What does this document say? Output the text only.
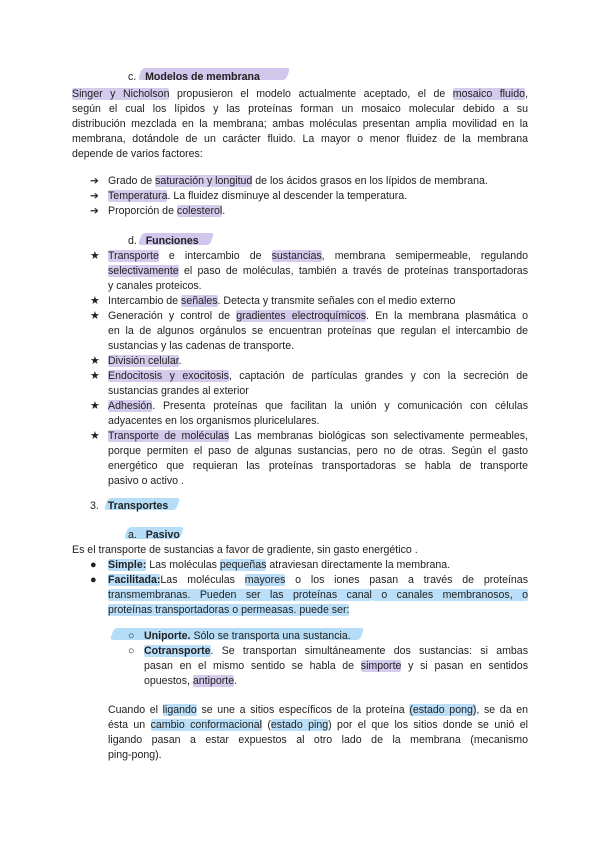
c. Modelos de membrana
Singer y Nicholson propusieron el modelo actualmente aceptado, el de mosaico fluido,
según el cual los lípidos y las proteínas forman un mosaico molecular debido a su
distribución mezclada en la membrana; ambas moléculas presentan amplia movilidad en la
membrana, dotándole de un carácter fluido. La mayor o menor fluidez de la membrana
depende de varios factores:
➔ Grado de saturación y longitud de los ácidos grasos en los lípidos de membrana.
➔ Temperatura. La fluidez disminuye al descender la temperatura.
➔ Proporción de colesterol.
d. Funciones
★ Transporte e intercambio de sustancias, membrana semipermeable, regulando
selectivamente el paso de moléculas, también a través de proteínas transportadoras
y canales proteicos.
★ Intercambio de señales. Detecta y transmite señales con el medio externo
★ Generación y control de gradientes electroquímicos. En la membrana plasmática o
en la de algunos orgánulos se encuentran proteínas que regulan el intercambio de
sustancias y las cadenas de transporte.
★ División celular.
★ Endocitosis y exocitosis, captación de partículas grandes y con la secreción de
sustancias grandes al exterior
★ Adhesión. Presenta proteínas que facilitan la unión y comunicación con células
adyacentes en los organismos pluricelulares.
★ Transporte de moléculas Las membranas biológicas son selectivamente permeables,
porque permiten el paso de algunas sustancias, pero no de otras. Según el gasto
energético que requieran las proteínas transportadoras se habla de transporte
pasivo o activo .
3. Transportes
a. Pasivo
Es el transporte de sustancias a favor de gradiente, sin gasto energético .
● Simple: Las moléculas pequeñas atraviesan directamente la membrana.
● Facilitada:Las moléculas mayores o los iones pasan a través de proteínas
transmembranas. Pueden ser las proteínas canal o canales membranosos, o
proteínas transportadoras o permeasas. puede ser:
○ Uniporte. Sólo se transporta una sustancia.
○ Cotransporte. Se transportan simultáneamente dos sustancias: si ambas
pasan en el mismo sentido se habla de simporte y si pasan en sentidos
opuestos, antiporte.
Cuando el ligando se une a sitios específicos de la proteína (estado pong), se da en
ésta un cambio conformacional (estado ping) por el que los sitios donde se unió el
ligando pasan a estar expuestos al otro lado de la membrana (mecanismo
ping-pong).
